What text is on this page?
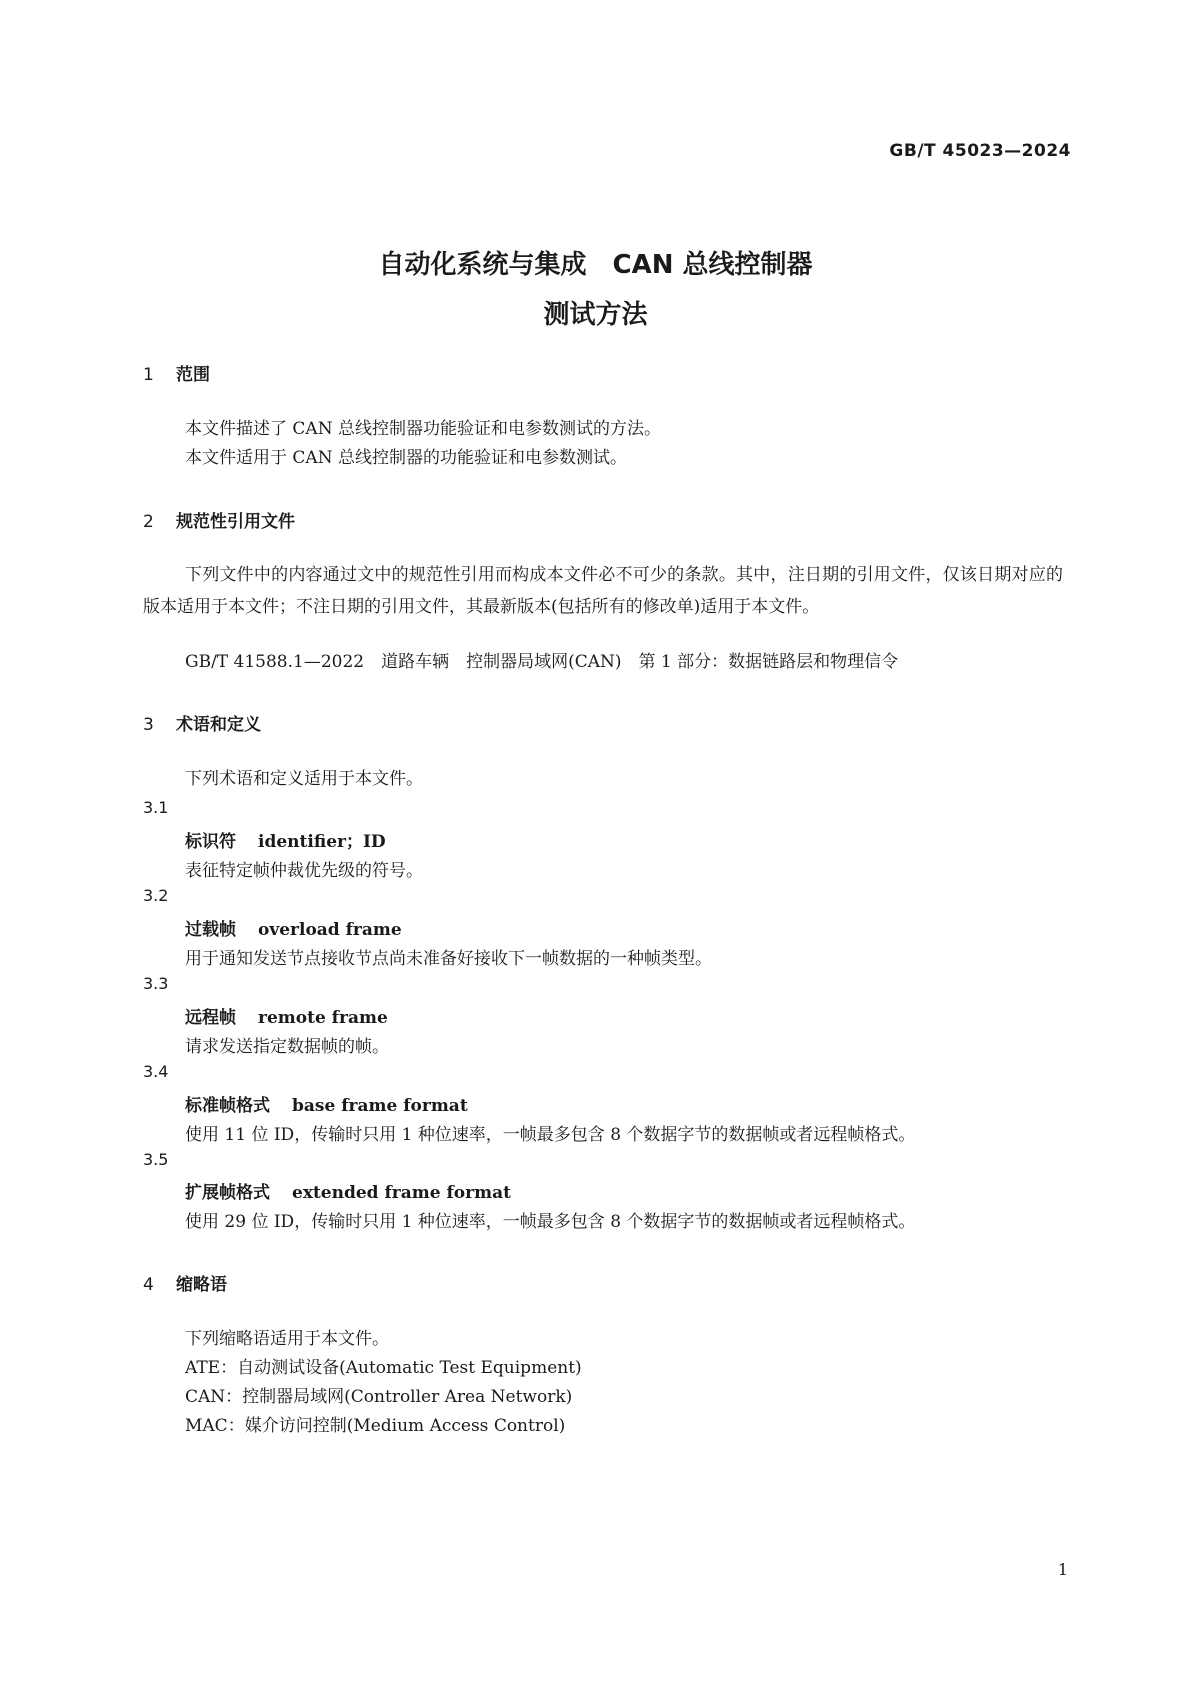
GB/T 45023—2024
自动化系统与集成 CAN 总线控制器
测试方法
1 范围
本文件描述了 CAN 总线控制器功能验证和电参数测试的方法。
本文件适用于 CAN 总线控制器的功能验证和电参数测试。
2 规范性引用文件
下列文件中的内容通过文中的规范性引用而构成本文件必不可少的条款。其中，注日期的引用文件，仅该日期对应的版本适用于本文件；不注日期的引用文件，其最新版本(包括所有的修改单)适用于本文件。
GB/T 41588.1—2022　道路车辆　控制器局域网(CAN)　第 1 部分：数据链路层和物理信令
3 术语和定义
下列术语和定义适用于本文件。
3.1
标识符 identifier；ID
表征特定帧仲裁优先级的符号。
3.2
过载帧 overload frame
用于通知发送节点接收节点尚未准备好接收下一帧数据的一种帧类型。
3.3
远程帧 remote frame
请求发送指定数据帧的帧。
3.4
标准帧格式 base frame format
使用 11 位 ID，传输时只用 1 种位速率，一帧最多包含 8 个数据字节的数据帧或者远程帧格式。
3.5
扩展帧格式 extended frame format
使用 29 位 ID，传输时只用 1 种位速率，一帧最多包含 8 个数据字节的数据帧或者远程帧格式。
4 缩略语
下列缩略语适用于本文件。
ATE：自动测试设备(Automatic Test Equipment)
CAN：控制器局域网(Controller Area Network)
MAC：媒介访问控制(Medium Access Control)
1
